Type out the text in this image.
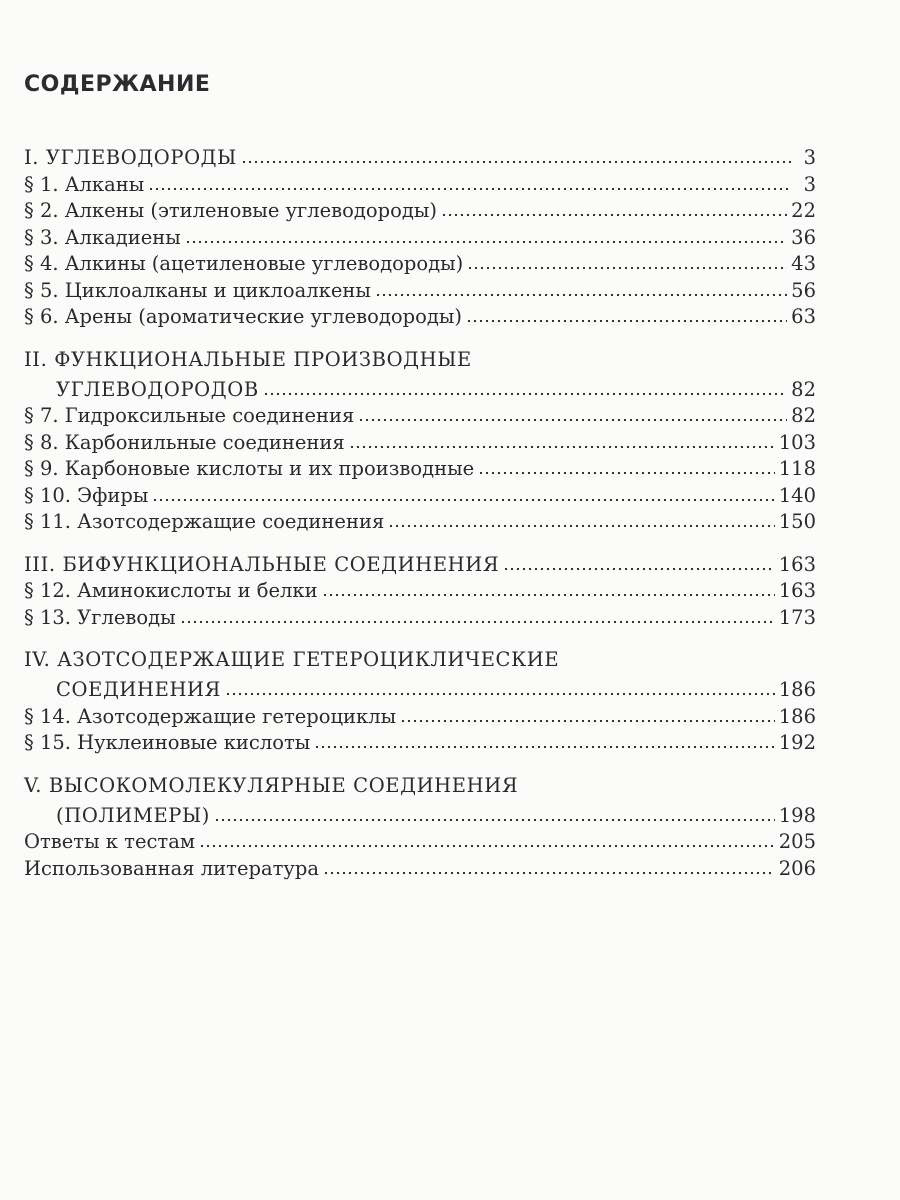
СОДЕРЖАНИЕ
I. УГЛЕВОДОРОДЫ	3
§ 1. Алканы	3
§ 2. Алкены (этиленовые углеводороды)	22
§ 3. Алкадиены	36
§ 4. Алкины (ацетиленовые углеводороды)	43
§ 5. Циклоалканы и циклоалкены	56
§ 6. Арены (ароматические углеводороды)	63
II. ФУНКЦИОНАЛЬНЫЕ ПРОИЗВОДНЫЕ
УГЛЕВОДОРОДОВ	82
§ 7. Гидроксильные соединения	82
§ 8. Карбонильные соединения	103
§ 9. Карбоновые кислоты и их производные	118
§ 10. Эфиры	140
§ 11. Азотсодержащие соединения	150
III. БИФУНКЦИОНАЛЬНЫЕ СОЕДИНЕНИЯ	163
§ 12. Аминокислоты и белки	163
§ 13. Углеводы	173
IV. АЗОТСОДЕРЖАЩИЕ ГЕТЕРОЦИКЛИЧЕСКИЕ
СОЕДИНЕНИЯ	186
§ 14. Азотсодержащие гетероциклы	186
§ 15. Нуклеиновые кислоты	192
V. ВЫСОКОМОЛЕКУЛЯРНЫЕ СОЕДИНЕНИЯ
(ПОЛИМЕРЫ)	198
Ответы к тестам	205
Использованная литература	206
